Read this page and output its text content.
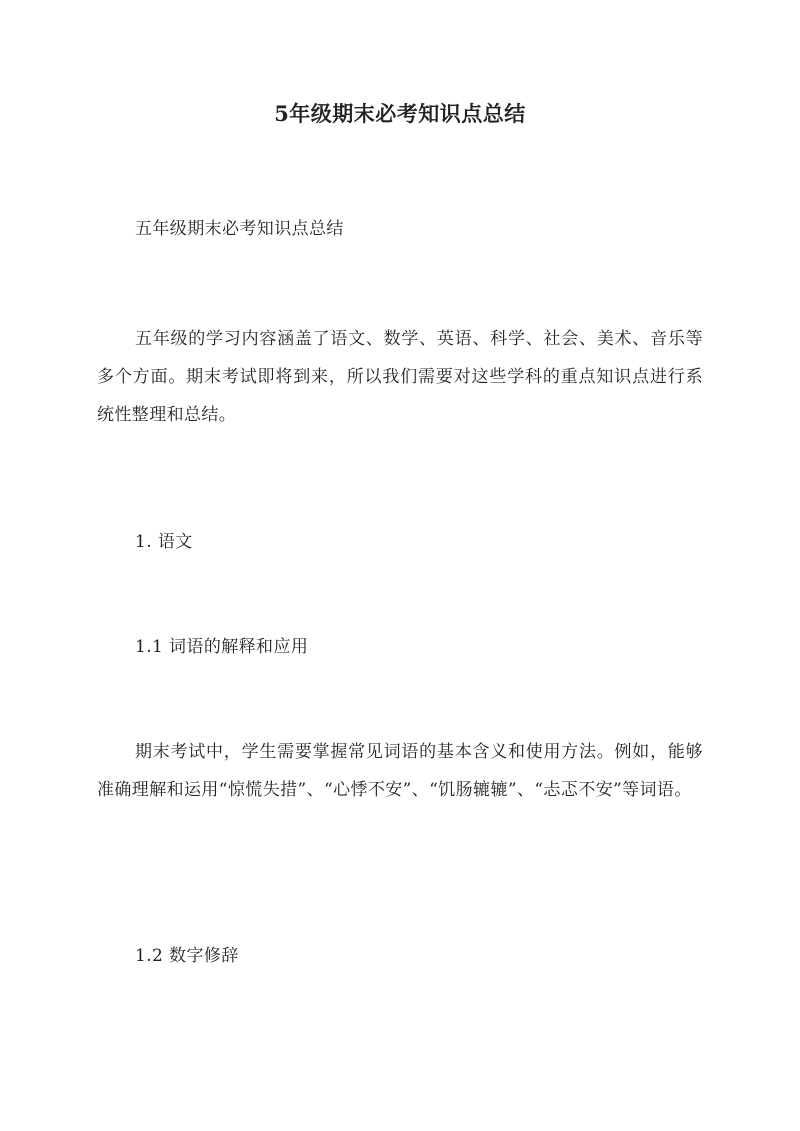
5年级期末必考知识点总结

五年级期末必考知识点总结

五年级的学习内容涵盖了语文、数学、英语、科学、社会、美术、音乐等多个方面。期末考试即将到来，所以我们需要对这些学科的重点知识点进行系统性整理和总结。

1. 语文

1.1 词语的解释和应用

期末考试中，学生需要掌握常见词语的基本含义和使用方法。例如，能够准确理解和运用“惊慌失措”、“心悸不安”、“饥肠辘辘”、“忐忑不安”等词语。

1.2 数字修辞
